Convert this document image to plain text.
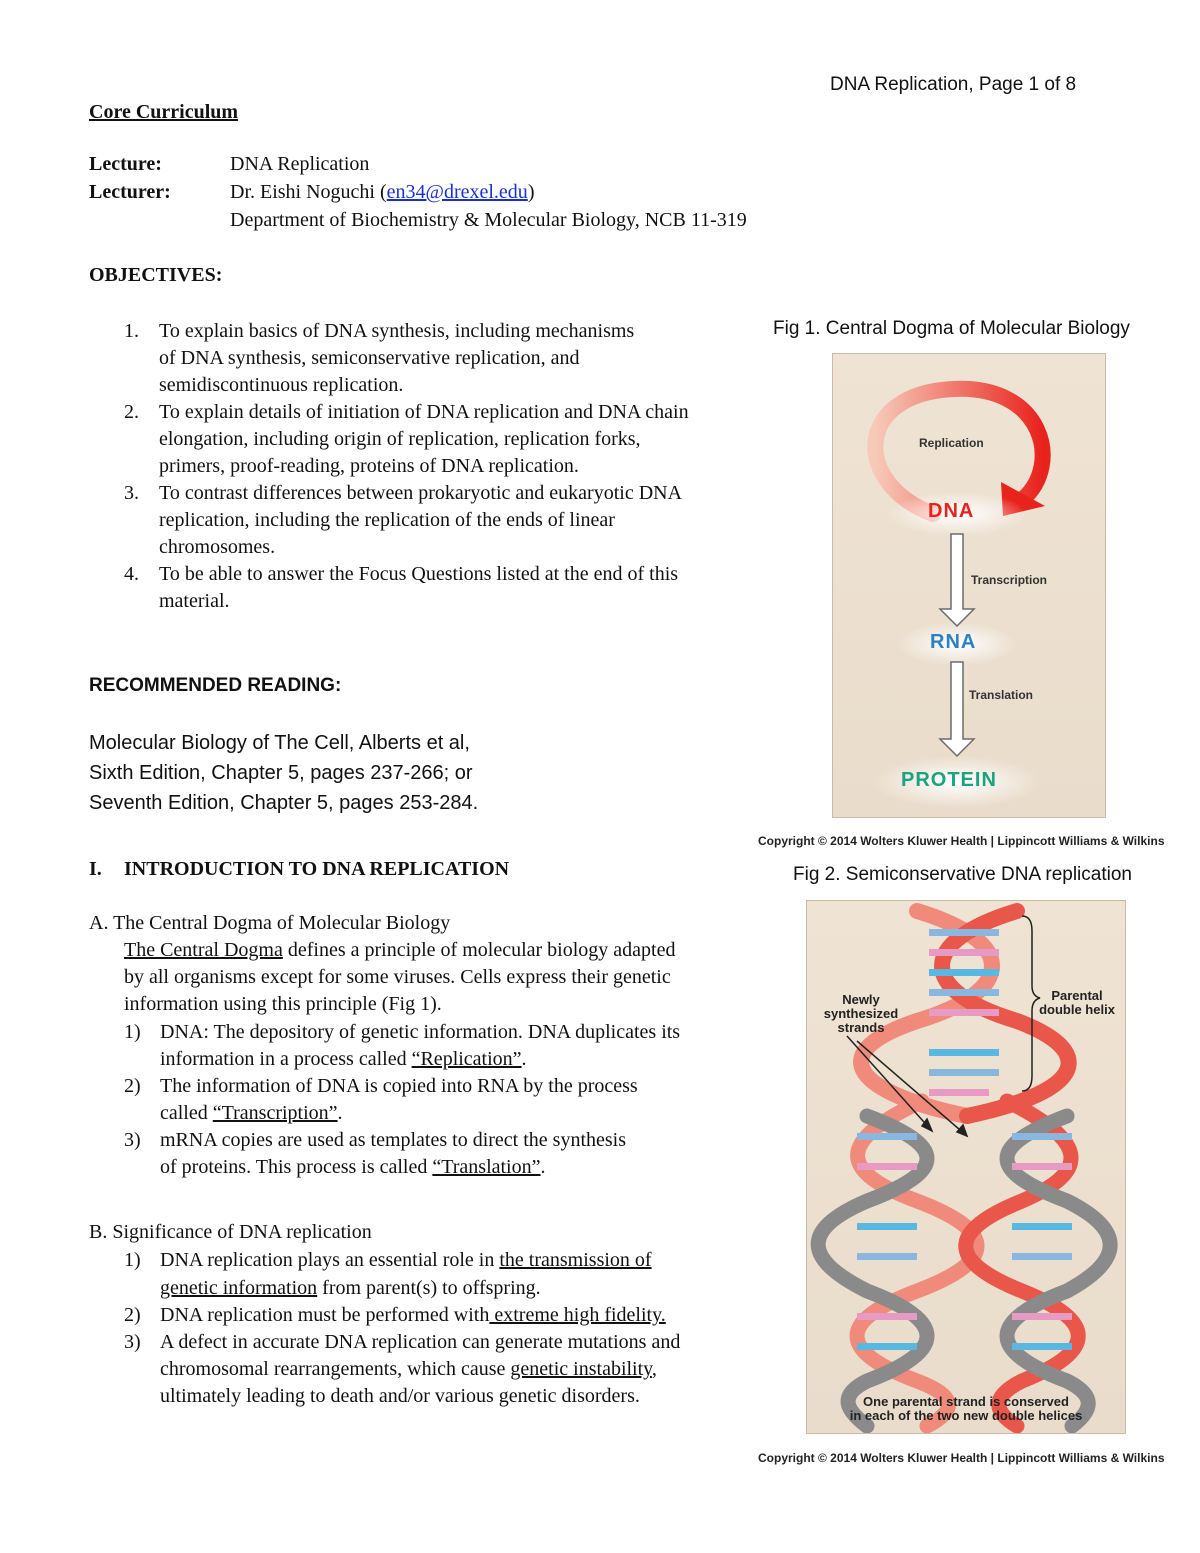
DNA Replication, Page 1 of 8
Core Curriculum
Lecture:	DNA Replication
Lecturer:	Dr. Eishi Noguchi (en34@drexel.edu)
Department of Biochemistry & Molecular Biology, NCB 11-319
OBJECTIVES:
1. To explain basics of DNA synthesis, including mechanisms
of DNA synthesis, semiconservative replication, and
semidiscontinuous replication.
2. To explain details of initiation of DNA replication and DNA chain
elongation, including origin of replication, replication forks,
primers, proof-reading, proteins of DNA replication.
3. To contrast differences between prokaryotic and eukaryotic DNA
replication, including the replication of the ends of linear
chromosomes.
4. To be able to answer the Focus Questions listed at the end of this
material.
RECOMMENDED READING:
Molecular Biology of The Cell, Alberts et al,
Sixth Edition, Chapter 5, pages 237-266; or
Seventh Edition, Chapter 5, pages 253-284.
I. INTRODUCTION TO DNA REPLICATION
A. The Central Dogma of Molecular Biology
The Central Dogma defines a principle of molecular biology adapted
by all organisms except for some viruses. Cells express their genetic
information using this principle (Fig 1).
1) DNA: The depository of genetic information. DNA duplicates its
information in a process called “Replication”.
2) The information of DNA is copied into RNA by the process
called “Transcription”.
3) mRNA copies are used as templates to direct the synthesis
of proteins. This process is called “Translation”.
B. Significance of DNA replication
1) DNA replication plays an essential role in the transmission of
genetic information from parent(s) to offspring.
2) DNA replication must be performed with extreme high fidelity.
3) A defect in accurate DNA replication can generate mutations and
chromosomal rearrangements, which cause genetic instability,
ultimately leading to death and/or various genetic disorders.
Fig 1. Central Dogma of Molecular Biology
Replication
DNA
Transcription
RNA
Translation
PROTEIN
Copyright © 2014 Wolters Kluwer Health | Lippincott Williams & Wilkins
Fig 2. Semiconservative DNA replication
Newly
synthesized
strands
Parental
double helix
One parental strand is conserved
in each of the two new double helices
Copyright © 2014 Wolters Kluwer Health | Lippincott Williams & Wilkins
